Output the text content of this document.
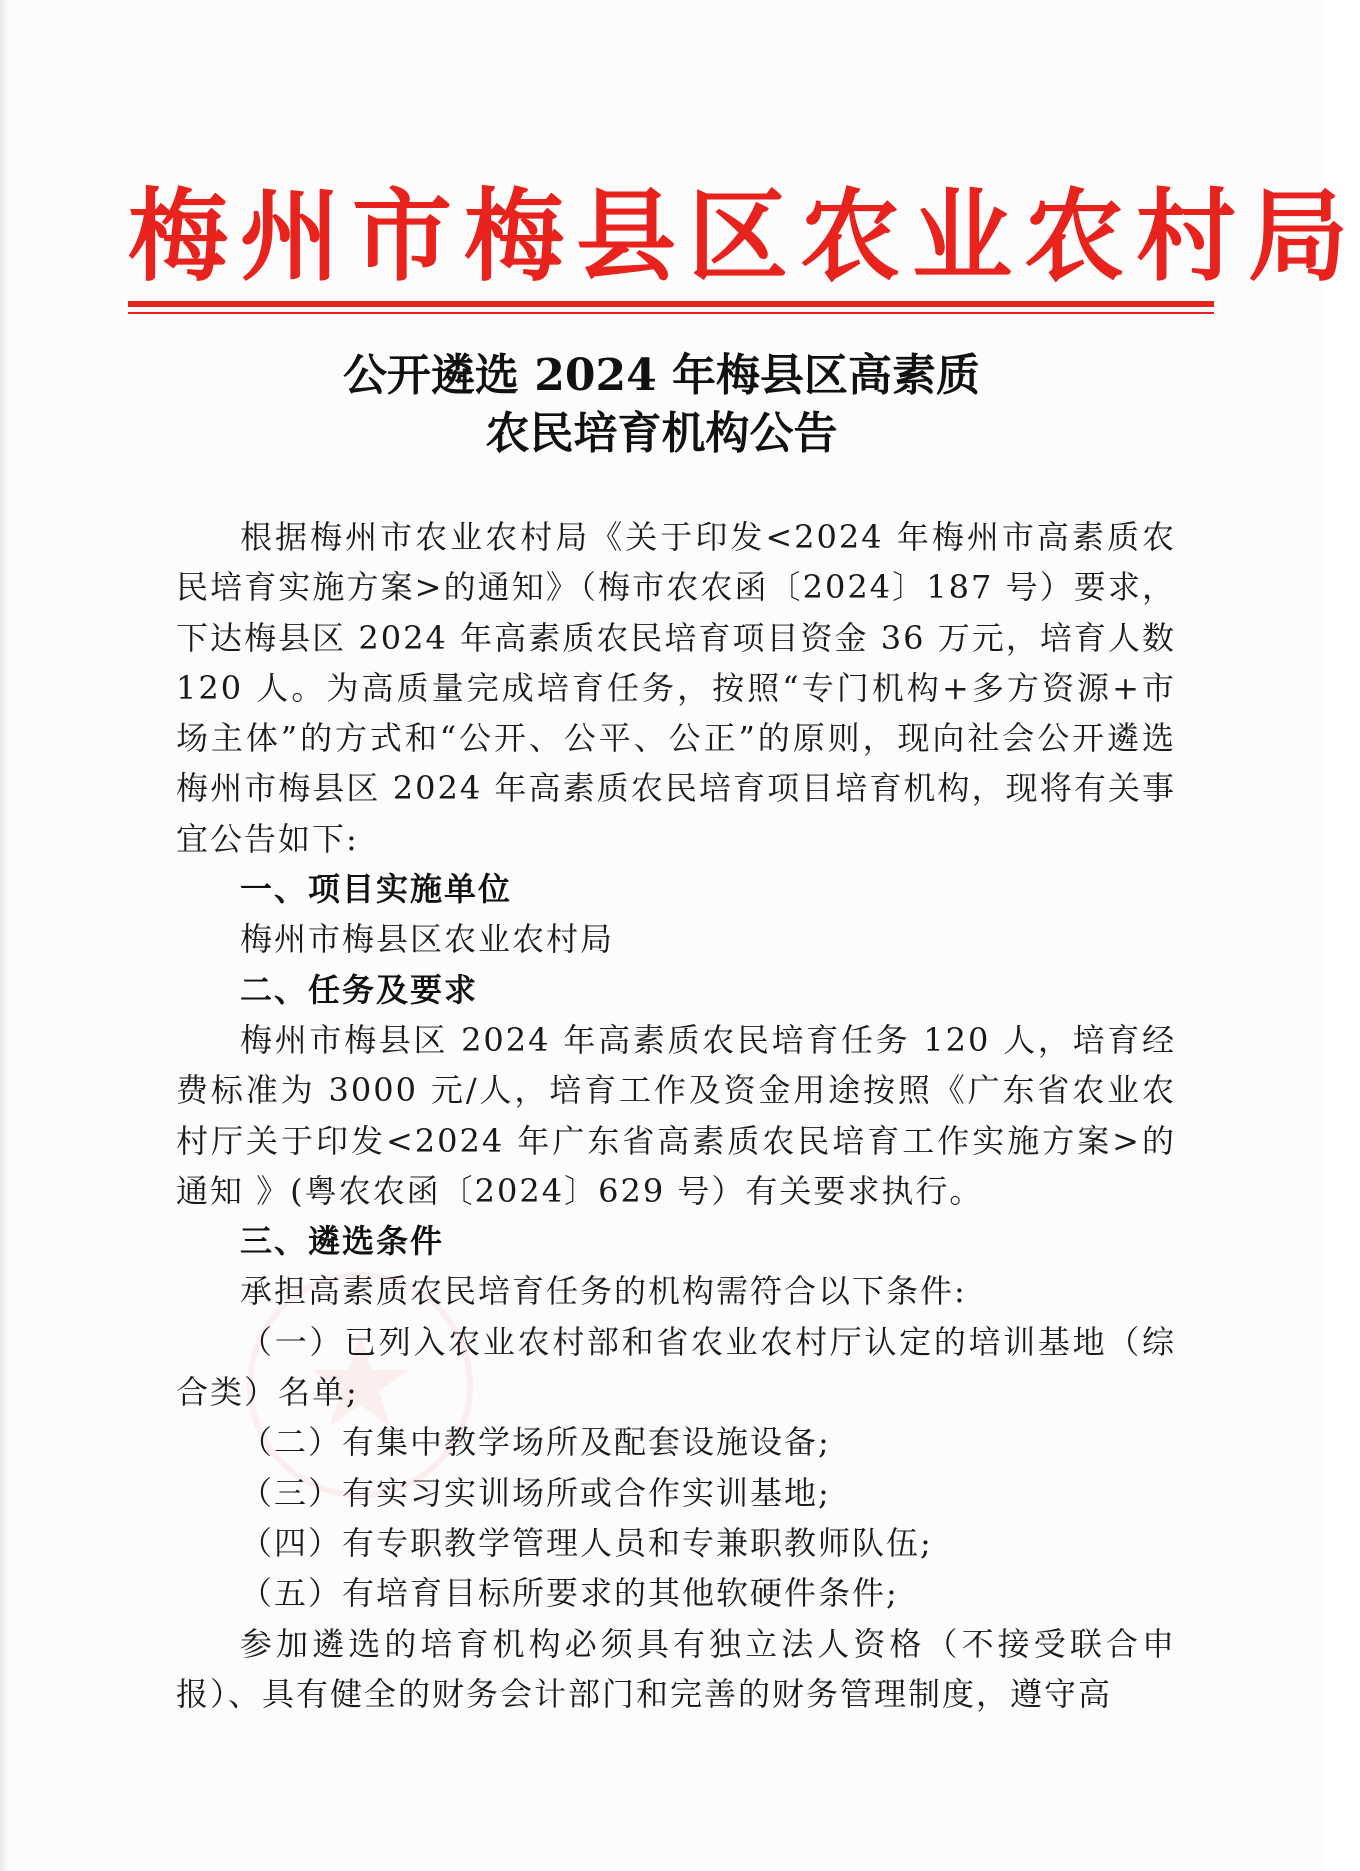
梅州市梅县区农业农村局
公开遴选 2024 年梅县区高素质
农民培育机构公告

根据梅州市农业农村局《关于印发<2024 年梅州市高素质农民培育实施方案>的通知》（梅市农农函〔2024〕187 号）要求，下达梅县区 2024 年高素质农民培育项目资金 36 万元，培育人数 120 人。为高质量完成培育任务，按照“专门机构+多方资源+市场主体”的方式和“公开、公平、公正”的原则，现向社会公开遴选梅州市梅县区 2024 年高素质农民培育项目培育机构，现将有关事宜公告如下:

一、项目实施单位

梅州市梅县区农业农村局

二、任务及要求

梅州市梅县区 2024 年高素质农民培育任务 120 人，培育经费标准为 3000 元/人，培育工作及资金用途按照《广东省农业农村厅关于印发<2024 年广东省高素质农民培育工作实施方案>的通知 》(粤农农函〔2024〕629 号）有关要求执行。

三、遴选条件

承担高素质农民培育任务的机构需符合以下条件:

（一）已列入农业农村部和省农业农村厅认定的培训基地（综合类）名单;

（二）有集中教学场所及配套设施设备;

（三）有实习实训场所或合作实训基地;

（四）有专职教学管理人员和专兼职教师队伍;

（五）有培育目标所要求的其他软硬件条件;

参加遴选的培育机构必须具有独立法人资格（不接受联合申报）、具有健全的财务会计部门和完善的财务管理制度，遵守高
